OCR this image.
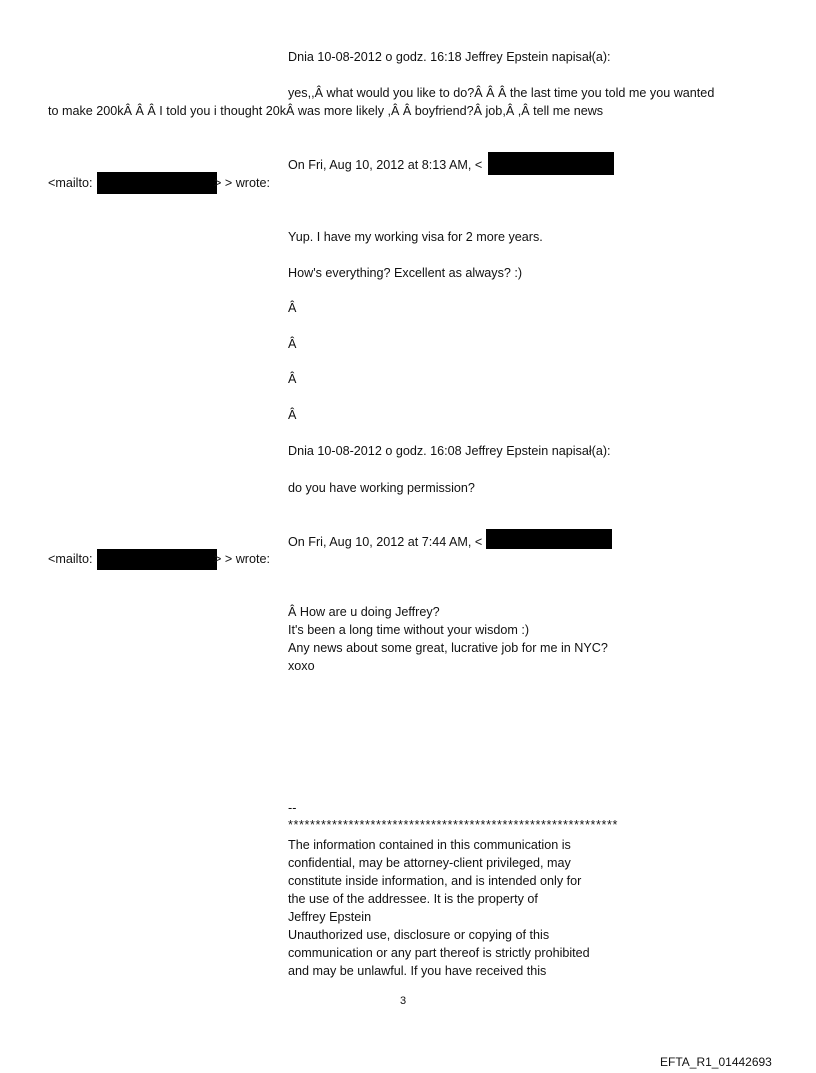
Dnia 10-08-2012 o godz. 16:18 Jeffrey Epstein napisał(a):
yes,,Â what would you like to do?Â Â Â the last time you told me you wanted
to make 200kÂ Â Â I told you i thought 20kÂ was more likely ,Â Â boyfriend?Â job,Â ,Â tell me news
On Fri, Aug 10, 2012 at 8:13 AM, <
<mailto:	> > wrote:
Yup. I have my working visa for 2 more years.
How's everything? Excellent as always? :)
Â
Â
Â
Â
Dnia 10-08-2012 o godz. 16:08 Jeffrey Epstein napisał(a):
do you have working permission?
On Fri, Aug 10, 2012 at 7:44 AM, <
<mailto:	> > wrote:
Â How are u doing Jeffrey?
It's been a long time without your wisdom :)
Any news about some great, lucrative job for me in NYC?
xoxo
--
************************************************************
The information contained in this communication is
confidential, may be attorney-client privileged, may
constitute inside information, and is intended only for
the use of the addressee. It is the property of
Jeffrey Epstein
Unauthorized use, disclosure or copying of this
communication or any part thereof is strictly prohibited
and may be unlawful. If you have received this
3
EFTA_R1_01442693
